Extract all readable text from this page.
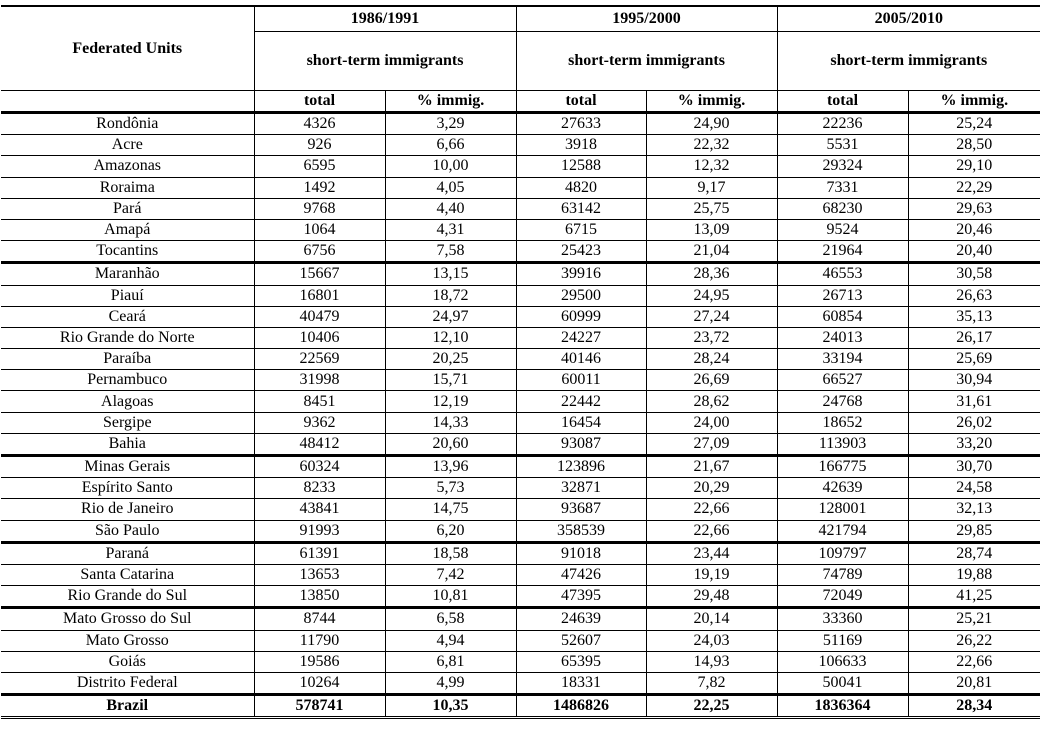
Federated Units	1986/1991		1995/2000		2005/2010	
	short-term immigrants		short-term immigrants		short-term immigrants	
	total	% immig.	total	% immig.	total	% immig.
Rondônia	4326	3,29	27633	24,90	22236	25,24
Acre	926	6,66	3918	22,32	5531	28,50
Amazonas	6595	10,00	12588	12,32	29324	29,10
Roraima	1492	4,05	4820	9,17	7331	22,29
Pará	9768	4,40	63142	25,75	68230	29,63
Amapá	1064	4,31	6715	13,09	9524	20,46
Tocantins	6756	7,58	25423	21,04	21964	20,40
Maranhão	15667	13,15	39916	28,36	46553	30,58
Piauí	16801	18,72	29500	24,95	26713	26,63
Ceará	40479	24,97	60999	27,24	60854	35,13
Rio Grande do Norte	10406	12,10	24227	23,72	24013	26,17
Paraíba	22569	20,25	40146	28,24	33194	25,69
Pernambuco	31998	15,71	60011	26,69	66527	30,94
Alagoas	8451	12,19	22442	28,62	24768	31,61
Sergipe	9362	14,33	16454	24,00	18652	26,02
Bahia	48412	20,60	93087	27,09	113903	33,20
Minas Gerais	60324	13,96	123896	21,67	166775	30,70
Espírito Santo	8233	5,73	32871	20,29	42639	24,58
Rio de Janeiro	43841	14,75	93687	22,66	128001	32,13
São Paulo	91993	6,20	358539	22,66	421794	29,85
Paraná	61391	18,58	91018	23,44	109797	28,74
Santa Catarina	13653	7,42	47426	19,19	74789	19,88
Rio Grande do Sul	13850	10,81	47395	29,48	72049	41,25
Mato Grosso do Sul	8744	6,58	24639	20,14	33360	25,21
Mato Grosso	11790	4,94	52607	24,03	51169	26,22
Goiás	19586	6,81	65395	14,93	106633	22,66
Distrito Federal	10264	4,99	18331	7,82	50041	20,81
Brazil	578741	10,35	1486826	22,25	1836364	28,34
